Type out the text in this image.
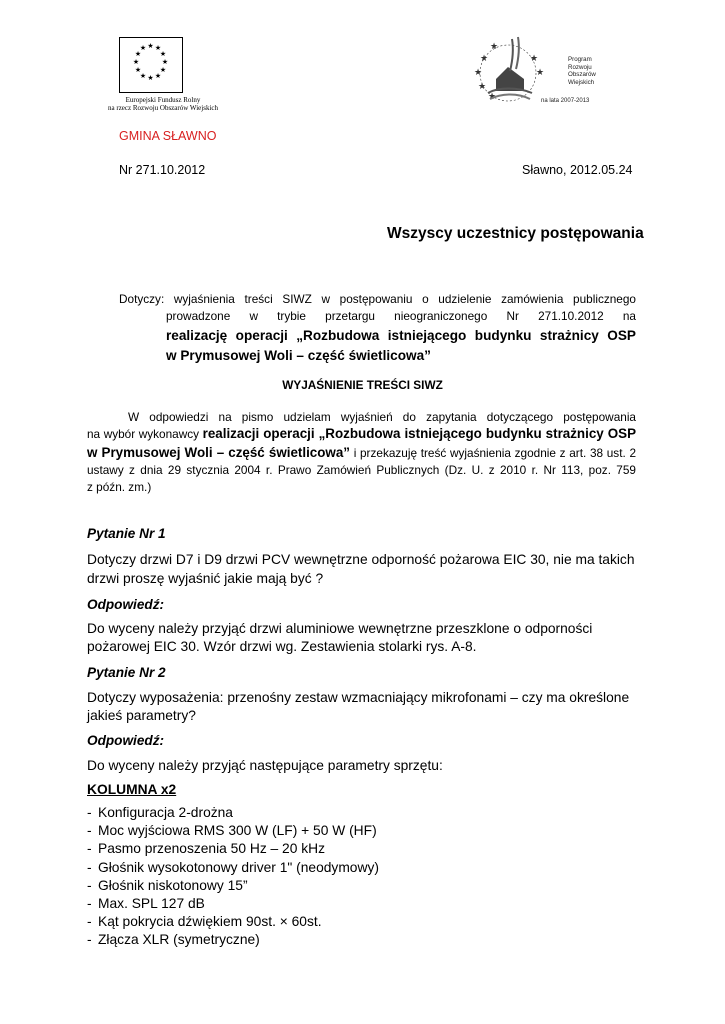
★ ★
★
★
★
★
★
★
★
★
★
★
Europejski Fundusz Rolny
na rzecz Rozwoju Obszarów Wiejskich
★
★
★
★
★
★
★
Program
Rozwoju
Obszarów
Wiejskich
na lata 2007-2013
GMINA SŁAWNO
Nr 271.10.2012	Sławno, 2012.05.24
Wszyscy uczestnicy postępowania
Dotyczy: wyjaśnienia treści SIWZ w postępowaniu o udzielenie zamówienia publicznego
prowadzone w trybie przetargu nieograniczonego Nr 271.10.2012 na
realizację operacji „Rozbudowa istniejącego budynku strażnicy OSP
w Prymusowej Woli – część świetlicowa”
WYJAŚNIENIE TREŚCI SIWZ
W odpowiedzi na pismo udzielam wyjaśnień do zapytania dotyczącego postępowania
na wybór wykonawcy realizacji operacji „Rozbudowa istniejącego budynku strażnicy OSP
w Prymusowej Woli – część świetlicowa” i przekazuję treść wyjaśnienia zgodnie z art. 38 ust. 2
ustawy z dnia 29 stycznia 2004 r. Prawo Zamówień Publicznych (Dz. U. z 2010 r. Nr 113, poz. 759
z późn. zm.)
Pytanie Nr 1
Dotyczy drzwi D7 i D9 drzwi PCV wewnętrzne odporność pożarowa EIC 30, nie ma takich
drzwi proszę wyjaśnić jakie mają być ?
Odpowiedź:
Do wyceny należy przyjąć drzwi aluminiowe wewnętrzne przeszklone o odporności
pożarowej EIC 30. Wzór drzwi wg. Zestawienia stolarki rys. A-8.
Pytanie Nr 2
Dotyczy wyposażenia: przenośny zestaw wzmacniający mikrofonami – czy ma określone
jakieś parametry?
Odpowiedź:
Do wyceny należy przyjąć następujące parametry sprzętu:
KOLUMNA x2
- Konfiguracja 2-drożna
- Moc wyjściowa RMS 300 W (LF) + 50 W (HF)
- Pasmo przenoszenia 50 Hz – 20 kHz
- Głośnik wysokotonowy driver 1" (neodymowy)
- Głośnik niskotonowy 15”
- Max. SPL 127 dB
- Kąt pokrycia dźwiękiem 90st. × 60st.
- Złącza XLR (symetryczne)
